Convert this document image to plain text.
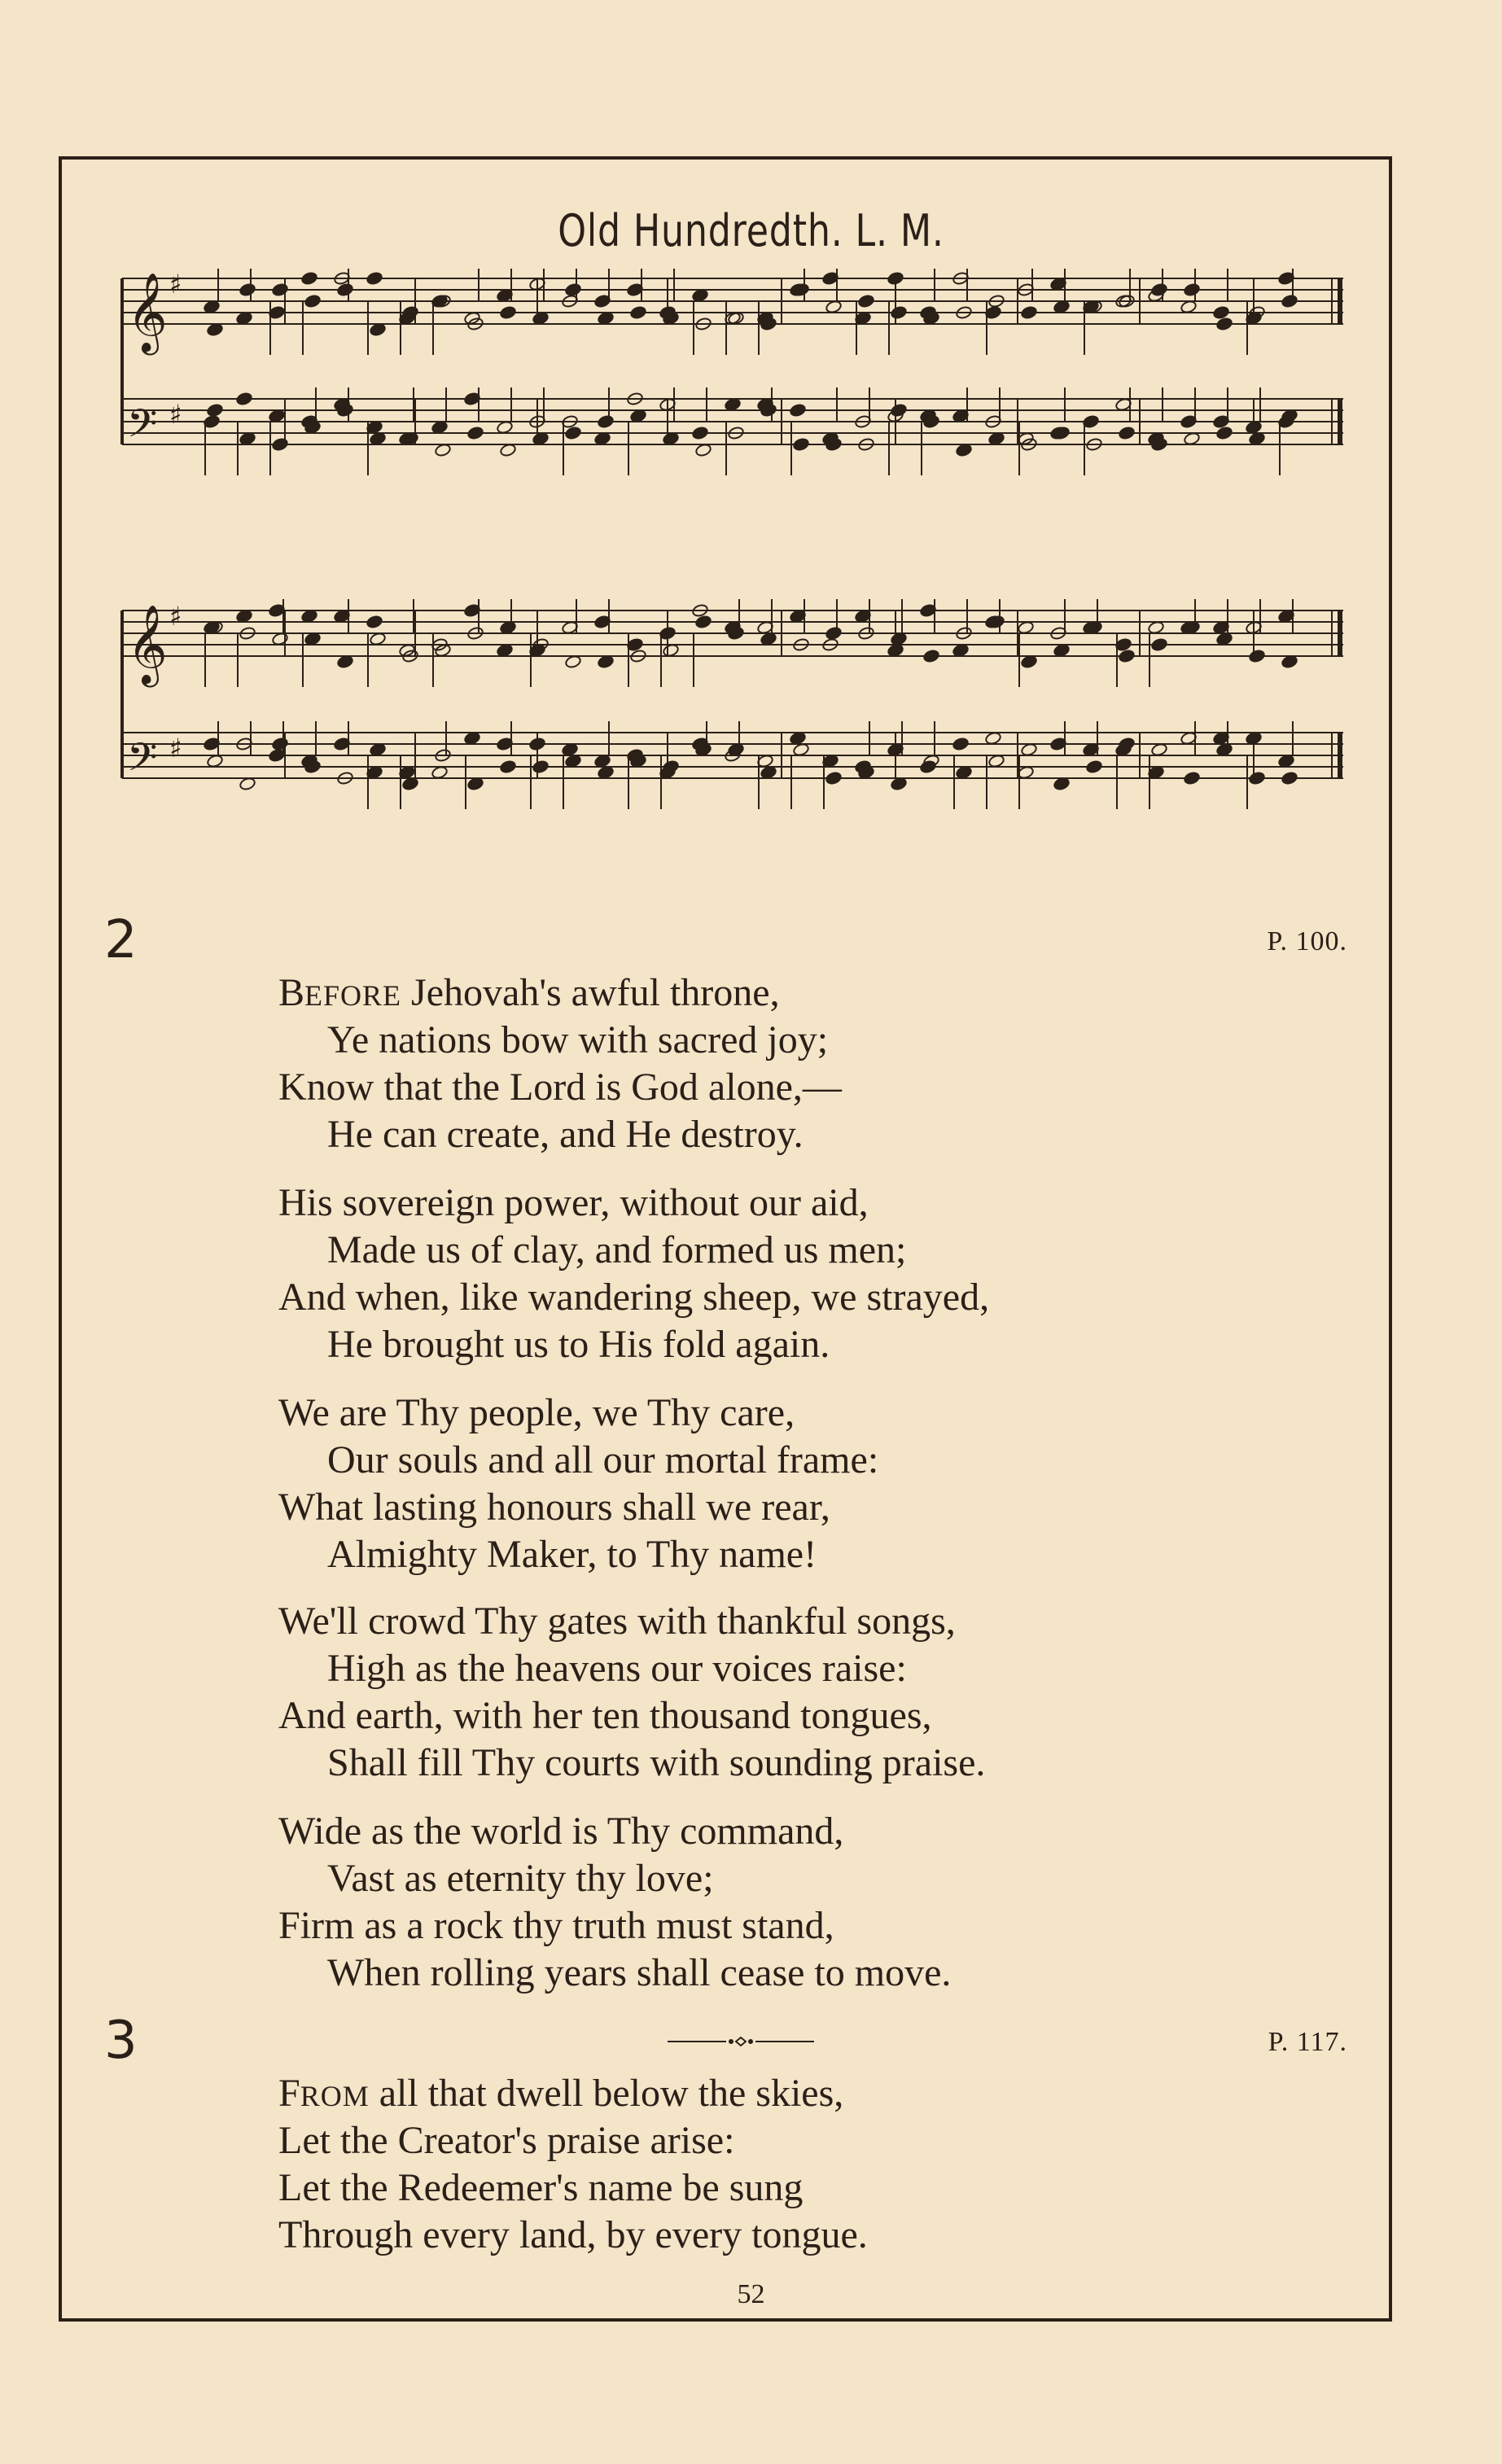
Old Hundredth. L. M.
𝄞 ♯
𝄢 ♯
𝄞 ♯
𝄢 ♯
2	P. 100.
BEFORE Jehovah's awful throne,
Ye nations bow with sacred joy;
Know that the Lord is God alone,—
He can create, and He destroy.
His sovereign power, without our aid,
Made us of clay, and formed us men;
And when, like wandering sheep, we strayed,
He brought us to His fold again.
We are Thy people, we Thy care,
Our souls and all our mortal frame:
What lasting honours shall we rear,
Almighty Maker, to Thy name!
We'll crowd Thy gates with thankful songs,
High as the heavens our voices raise:
And earth, with her ten thousand tongues,
Shall fill Thy courts with sounding praise.
Wide as the world is Thy command,
Vast as eternity thy love;
Firm as a rock thy truth must stand,
When rolling years shall cease to move.
3	P. 117.
FROM all that dwell below the skies,
Let the Creator's praise arise:
Let the Redeemer's name be sung
Through every land, by every tongue.
52
